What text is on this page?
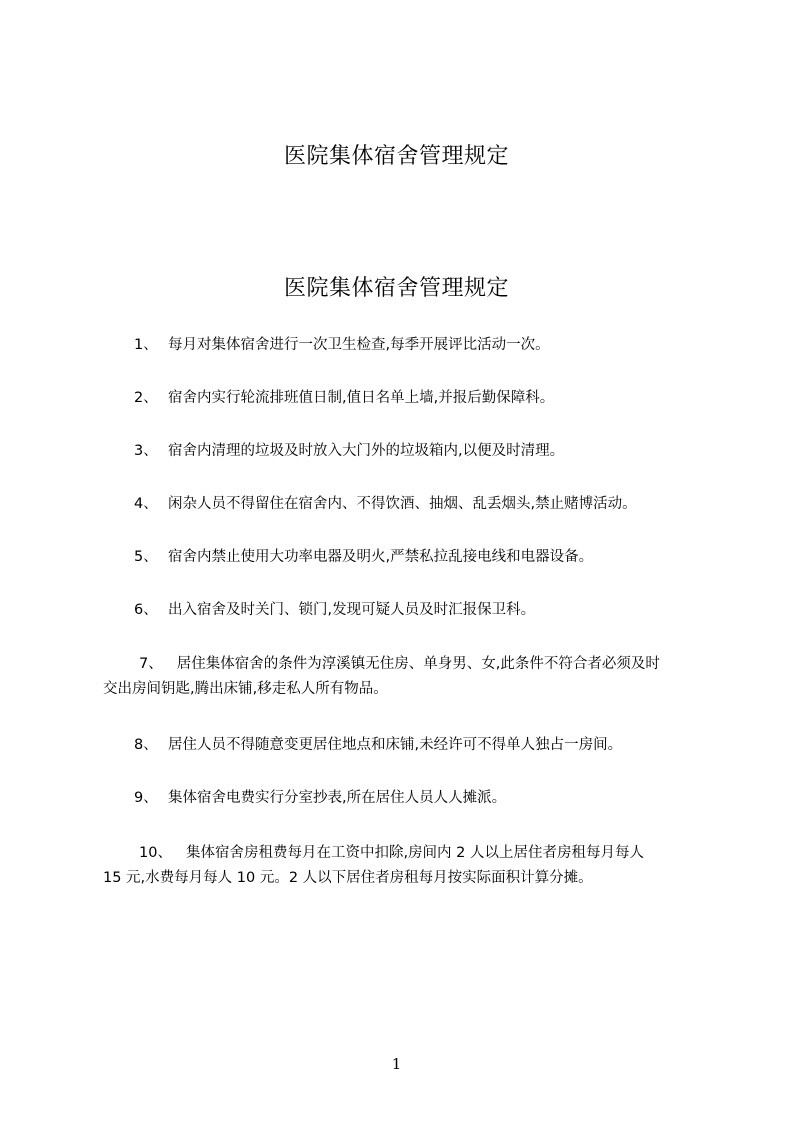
医院集体宿舍管理规定
医院集体宿舍管理规定

1、 每月对集体宿舍进行一次卫生检查,每季开展评比活动一次。

2、 宿舍内实行轮流排班值日制,值日名单上墙,并报后勤保障科。

3、 宿舍内清理的垃圾及时放入大门外的垃圾箱内,以便及时清理。

4、 闲杂人员不得留住在宿舍内、不得饮酒、抽烟、乱丢烟头,禁止赌博活动。

5、 宿舍内禁止使用大功率电器及明火,严禁私拉乱接电线和电器设备。

6、 出入宿舍及时关门、锁门,发现可疑人员及时汇报保卫科。

7、 居住集体宿舍的条件为淳溪镇无住房、单身男、女,此条件不符合者必须及时
交出房间钥匙,腾出床铺,移走私人所有物品。

8、 居住人员不得随意变更居住地点和床铺,未经许可不得单人独占一房间。

9、 集体宿舍电费实行分室抄表,所在居住人员人人摊派。

10、 集体宿舍房租费每月在工资中扣除,房间内 2 人以上居住者房租每月每人
15 元,水费每月每人 10 元。2 人以下居住者房租每月按实际面积计算分摊。
1
